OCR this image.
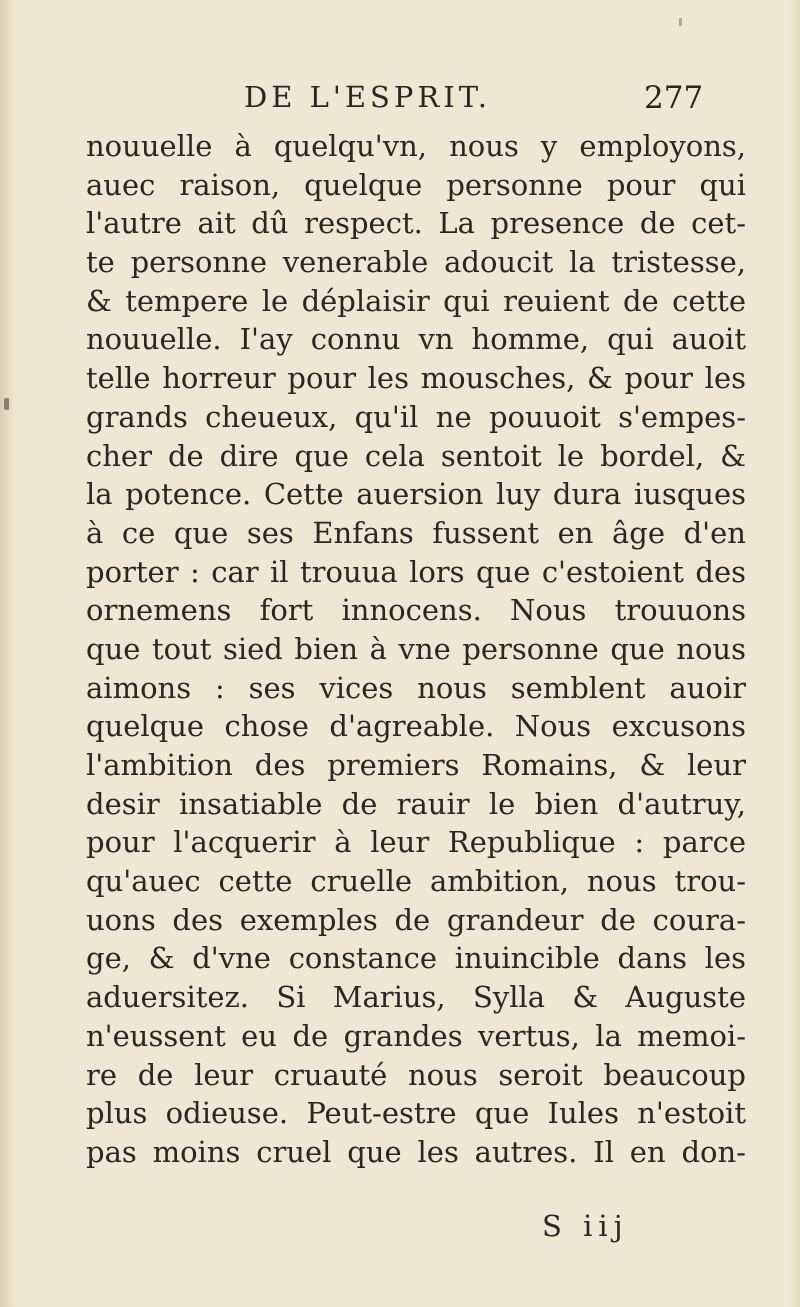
DE L'ESPRIT.	277
nouuelle à quelqu'vn, nous y employons,
auec raison, quelque personne pour qui
l'autre ait dû respect. La presence de cet-
te personne venerable adoucit la tristesse,
& tempere le déplaisir qui reuient de cette
nouuelle. I'ay connu vn homme, qui auoit
telle horreur pour les mousches, & pour les
grands cheueux, qu'il ne pouuoit s'empes-
cher de dire que cela sentoit le bordel, &
la potence. Cette auersion luy dura iusques
à ce que ses Enfans fussent en âge d'en
porter : car il trouua lors que c'estoient des
ornemens fort innocens. Nous trouuons
que tout sied bien à vne personne que nous
aimons : ses vices nous semblent auoir
quelque chose d'agreable. Nous excusons
l'ambition des premiers Romains, & leur
desir insatiable de rauir le bien d'autruy,
pour l'acquerir à leur Republique : parce
qu'auec cette cruelle ambition, nous trou-
uons des exemples de grandeur de coura-
ge, & d'vne constance inuincible dans les
aduersitez. Si Marius, Sylla & Auguste
n'eussent eu de grandes vertus, la memoi-
re de leur cruauté nous seroit beaucoup
plus odieuse. Peut-estre que Iules n'estoit
pas moins cruel que les autres. Il en don-
S iij
